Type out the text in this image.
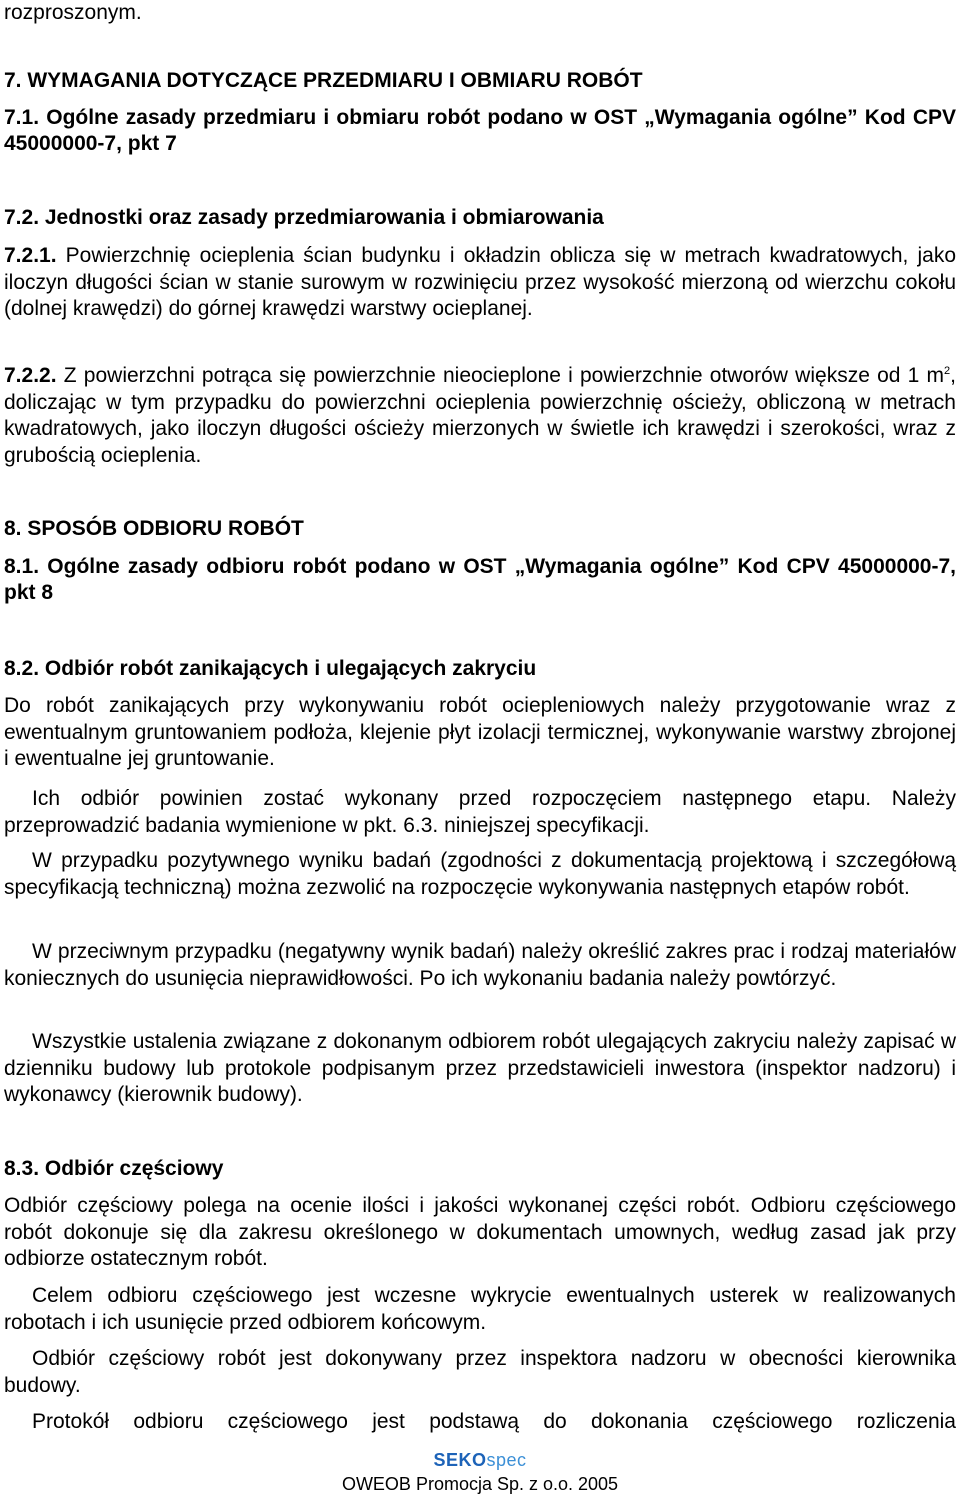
rozproszonym.

7. WYMAGANIA DOTYCZĄCE PRZEDMIARU I OBMIARU ROBÓT

7.1. Ogólne zasady przedmiaru i obmiaru robót podano w OST „Wymagania ogólne” Kod CPV 45000000-7, pkt 7

7.2. Jednostki oraz zasady przedmiarowania i obmiarowania

7.2.1. Powierzchnię ocieplenia ścian budynku i okładzin oblicza się w metrach kwadratowych, jako iloczyn długości ścian w stanie surowym w rozwinięciu przez wysokość mierzoną od wierzchu cokołu (dolnej krawędzi) do górnej krawędzi warstwy ocieplanej.

7.2.2. Z powierzchni potrąca się powierzchnie nieocieplone i powierzchnie otworów większe od 1 $m^2$, doliczając w tym przypadku do powierzchni ocieplenia powierzchnię ościeży, obliczoną w metrach kwadratowych, jako iloczyn długości ościeży mierzonych w świetle ich krawędzi i szerokości, wraz z grubością ocieplenia.

8. SPOSÓB ODBIORU ROBÓT

8.1. Ogólne zasady odbioru robót podano w OST „Wymagania ogólne” Kod CPV 45000000-7, pkt 8

8.2. Odbiór robót zanikających i ulegających zakryciu

Do robót zanikających przy wykonywaniu robót ociepleniowych należy przygotowanie wraz z ewentualnym gruntowaniem podłoża, klejenie płyt izolacji termicznej, wykonywanie warstwy zbrojonej i ewentualne jej gruntowanie.

Ich odbiór powinien zostać wykonany przed rozpoczęciem następnego etapu. Należy przeprowadzić badania wymienione w pkt. 6.3. niniejszej specyfikacji.

W przypadku pozytywnego wyniku badań (zgodności z dokumentacją projektową i szczegółową specyfikacją techniczną) można zezwolić na rozpoczęcie wykonywania następnych etapów robót.

W przeciwnym przypadku (negatywny wynik badań) należy określić zakres prac i rodzaj materiałów koniecznych do usunięcia nieprawidłowości. Po ich wykonaniu badania należy powtórzyć.

Wszystkie ustalenia związane z dokonanym odbiorem robót ulegających zakryciu należy zapisać w dzienniku budowy lub protokole podpisanym przez przedstawicieli inwestora (inspektor nadzoru) i wykonawcy (kierownik budowy).

8.3. Odbiór częściowy

Odbiór częściowy polega na ocenie ilości i jakości wykonanej części robót. Odbioru częściowego robót dokonuje się dla zakresu określonego w dokumentach umownych, według zasad jak przy odbiorze ostatecznym robót.

Celem odbioru częściowego jest wczesne wykrycie ewentualnych usterek w realizowanych robotach i ich usunięcie przed odbiorem końcowym.

Odbiór częściowy robót jest dokonywany przez inspektora nadzoru w obecności kierownika budowy.

Protokół odbioru częściowego jest podstawą do dokonania częściowego rozliczenia

SEKOspec
OWEOB Promocja Sp. z o.o. 2005
